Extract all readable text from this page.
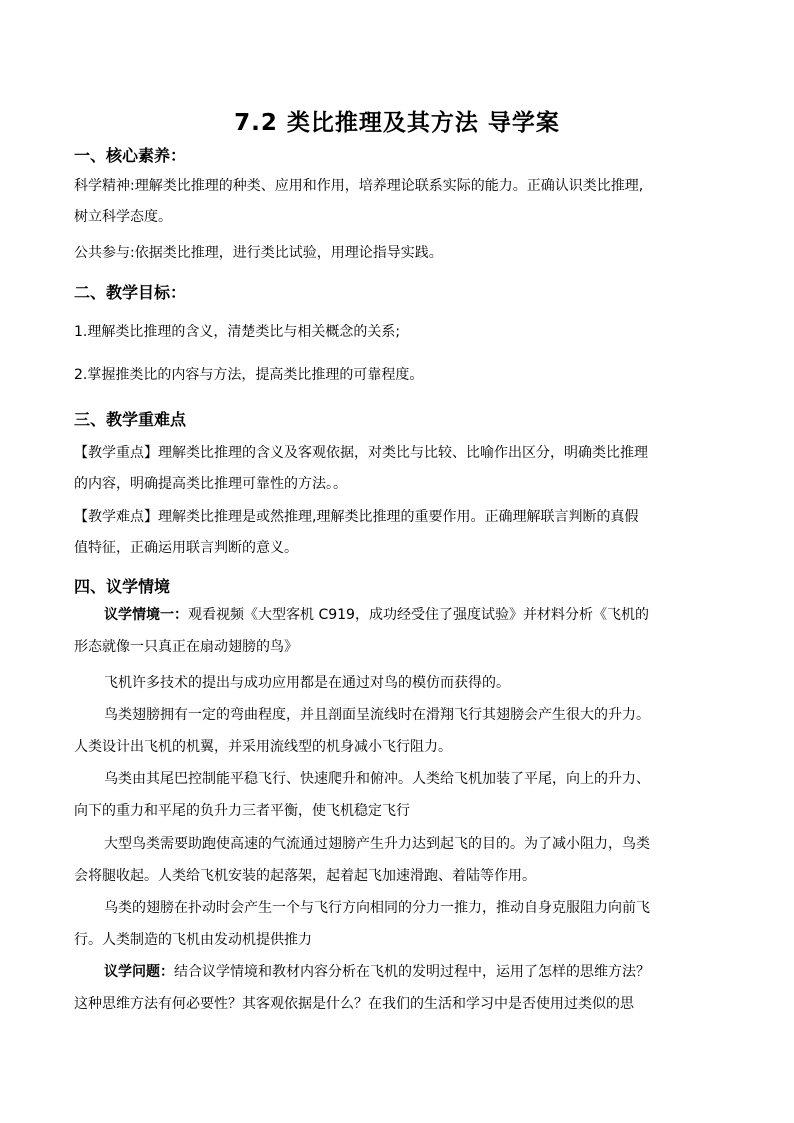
7.2 类比推理及其方法 导学案
一、核心素养：
科学精神:理解类比推理的种类、应用和作用，培养理论联系实际的能力。正确认识类比推理,
树立科学态度。
公共参与:依据类比推理，进行类比试验，用理论指导实践。
二、教学目标：
1.理解类比推理的含义，清楚类比与相关概念的关系;
2.掌握推类比的内容与方法，提高类比推理的可靠程度。
三、教学重难点
【教学重点】理解类比推理的含义及客观依据，对类比与比较、比喻作出区分，明确类比推理
的内容，明确提高类比推理可靠性的方法。。
【教学难点】理解类比推理是或然推理,理解类比推理的重要作用。正确理解联言判断的真假
值特征，正确运用联言判断的意义。
四、议学情境
议学情境一：观看视频《大型客机 C919，成功经受住了强度试验》并材料分析《飞机的
形态就像一只真正在扇动翅膀的鸟》
飞机许多技术的提出与成功应用都是在通过对鸟的模仿而获得的。
鸟类翅膀拥有一定的弯曲程度，并且剖面呈流线时在滑翔飞行其翅膀会产生很大的升力。
人类设计出飞机的机翼，并采用流线型的机身减小飞行阻力。
乌类由其尾巴控制能平稳飞行、快速爬升和俯冲。人类给飞机加装了平尾，向上的升力、
向下的重力和平尾的负升力三者平衡，使飞机稳定飞行
大型鸟类需要助跑使高速的气流通过翅膀产生升力达到起飞的目的。为了减小阻力，鸟类
会将腿收起。人类给飞机安装的起落架，起着起飞加速滑跑、着陆等作用。
乌类的翅膀在扑动时会产生一个与飞行方向相同的分力一推力，推动自身克服阻力向前飞
行。人类制造的飞机由发动机提供推力
议学问题：结合议学情境和教材内容分析在飞机的发明过程中，运用了怎样的思维方法？
这种思维方法有何必要性？其客观依据是什么？在我们的生活和学习中是否使用过类似的思
